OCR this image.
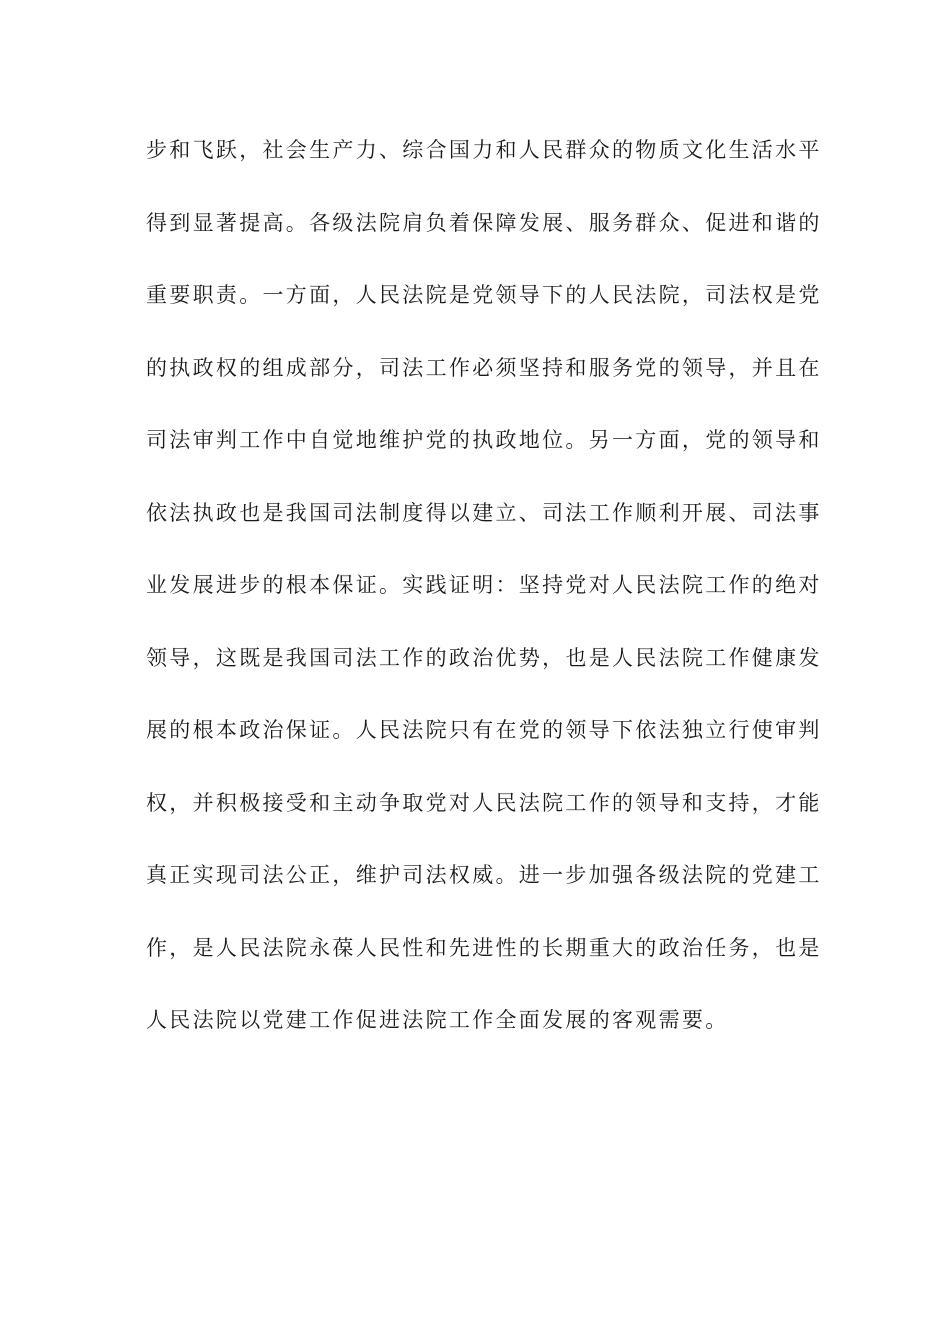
步和飞跃，社会生产力、综合国力和人民群众的物质文化生活水平
得到显著提高。各级法院肩负着保障发展、服务群众、促进和谐的
重要职责。一方面，人民法院是党领导下的人民法院，司法权是党
的执政权的组成部分，司法工作必须坚持和服务党的领导，并且在
司法审判工作中自觉地维护党的执政地位。另一方面，党的领导和
依法执政也是我国司法制度得以建立、司法工作顺利开展、司法事
业发展进步的根本保证。实践证明：坚持党对人民法院工作的绝对
领导，这既是我国司法工作的政治优势，也是人民法院工作健康发
展的根本政治保证。人民法院只有在党的领导下依法独立行使审判
权，并积极接受和主动争取党对人民法院工作的领导和支持，才能
真正实现司法公正，维护司法权威。进一步加强各级法院的党建工
作，是人民法院永葆人民性和先进性的长期重大的政治任务，也是
人民法院以党建工作促进法院工作全面发展的客观需要。
